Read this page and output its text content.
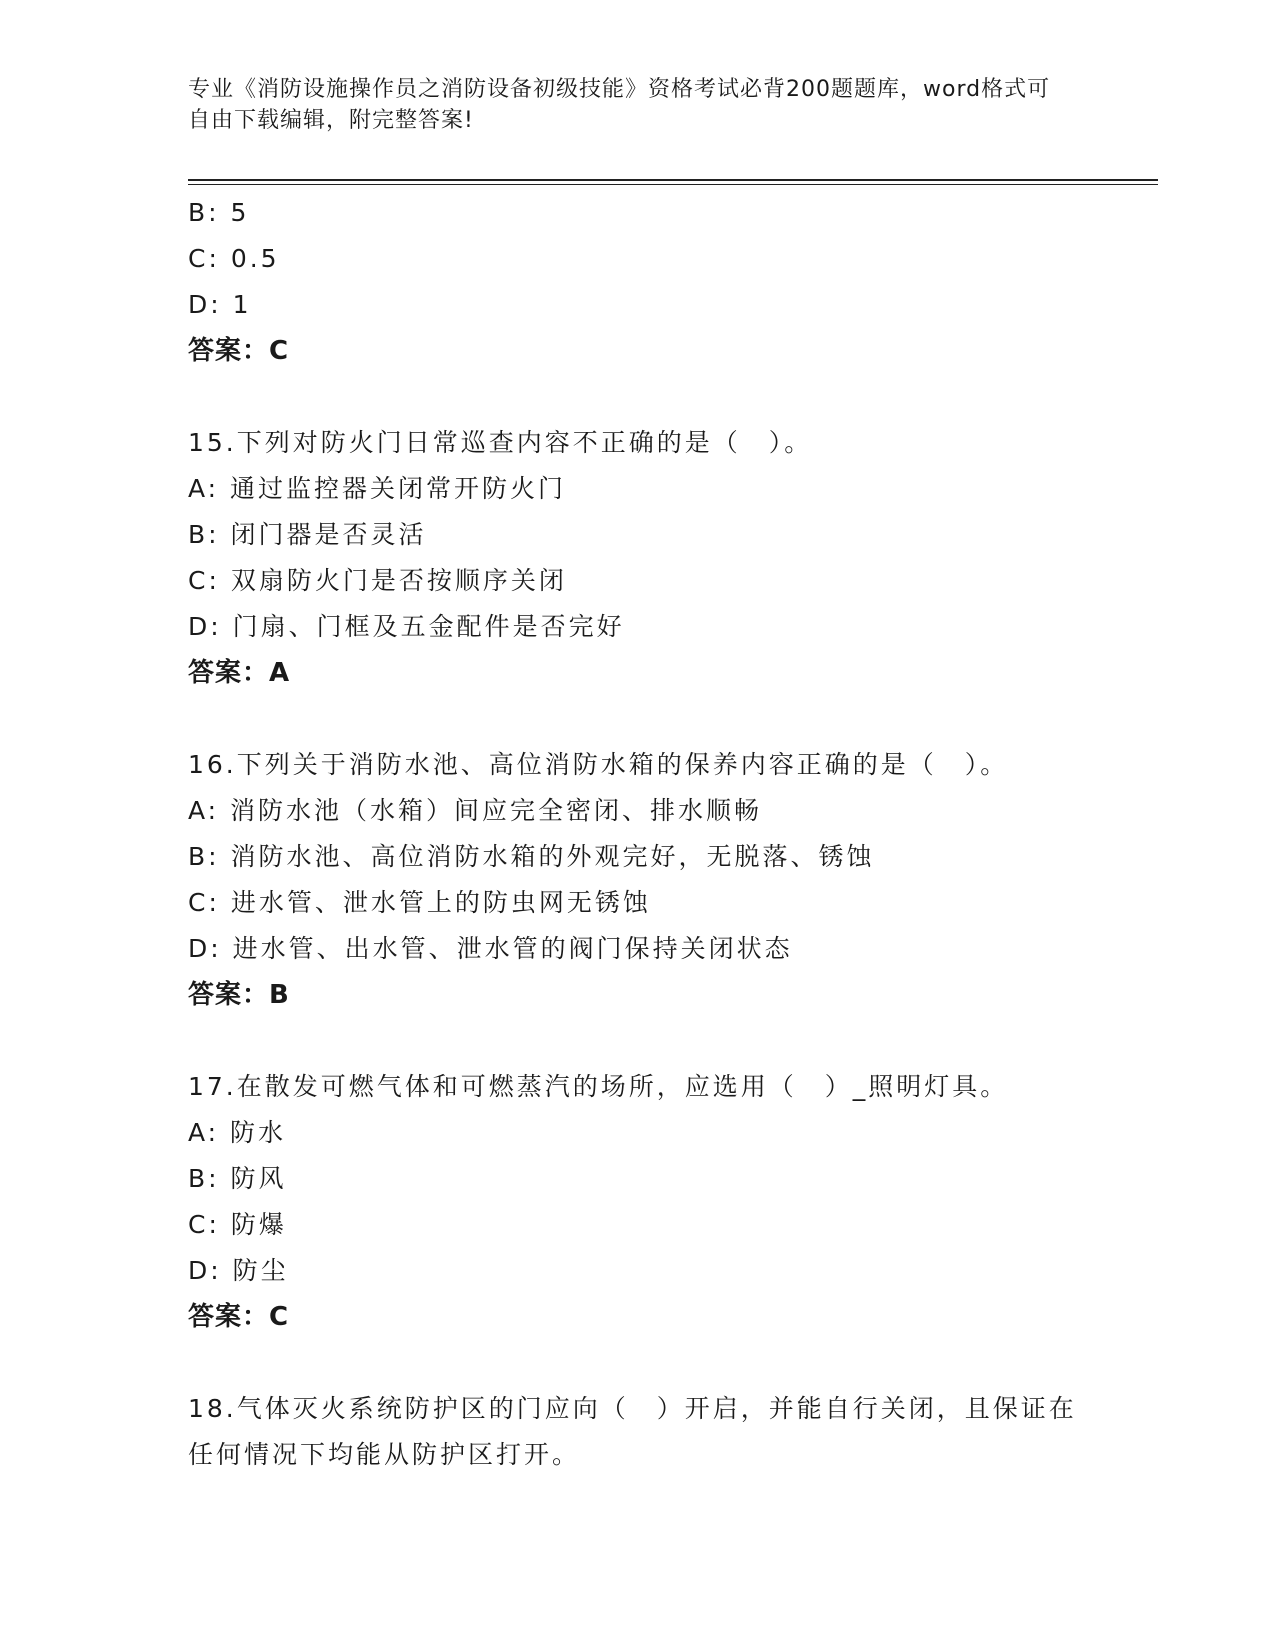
专业《消防设施操作员之消防设备初级技能》资格考试必背200题题库，word格式可自由下载编辑，附完整答案!
B: 5
C: 0.5
D: 1
答案：C
15.下列对防火门日常巡查内容不正确的是（　）。
A: 通过监控器关闭常开防火门
B: 闭门器是否灵活
C: 双扇防火门是否按顺序关闭
D: 门扇、门框及五金配件是否完好
答案：A
16.下列关于消防水池、高位消防水箱的保养内容正确的是（　）。
A: 消防水池（水箱）间应完全密闭、排水顺畅
B: 消防水池、高位消防水箱的外观完好，无脱落、锈蚀
C: 进水管、泄水管上的防虫网无锈蚀
D: 进水管、出水管、泄水管的阀门保持关闭状态
答案：B
17.在散发可燃气体和可燃蒸汽的场所，应选用（　）_照明灯具。
A: 防水
B: 防风
C: 防爆
D: 防尘
答案：C
18.气体灭火系统防护区的门应向（　）开启，并能自行关闭，且保证在任何情况下均能从防护区打开。
